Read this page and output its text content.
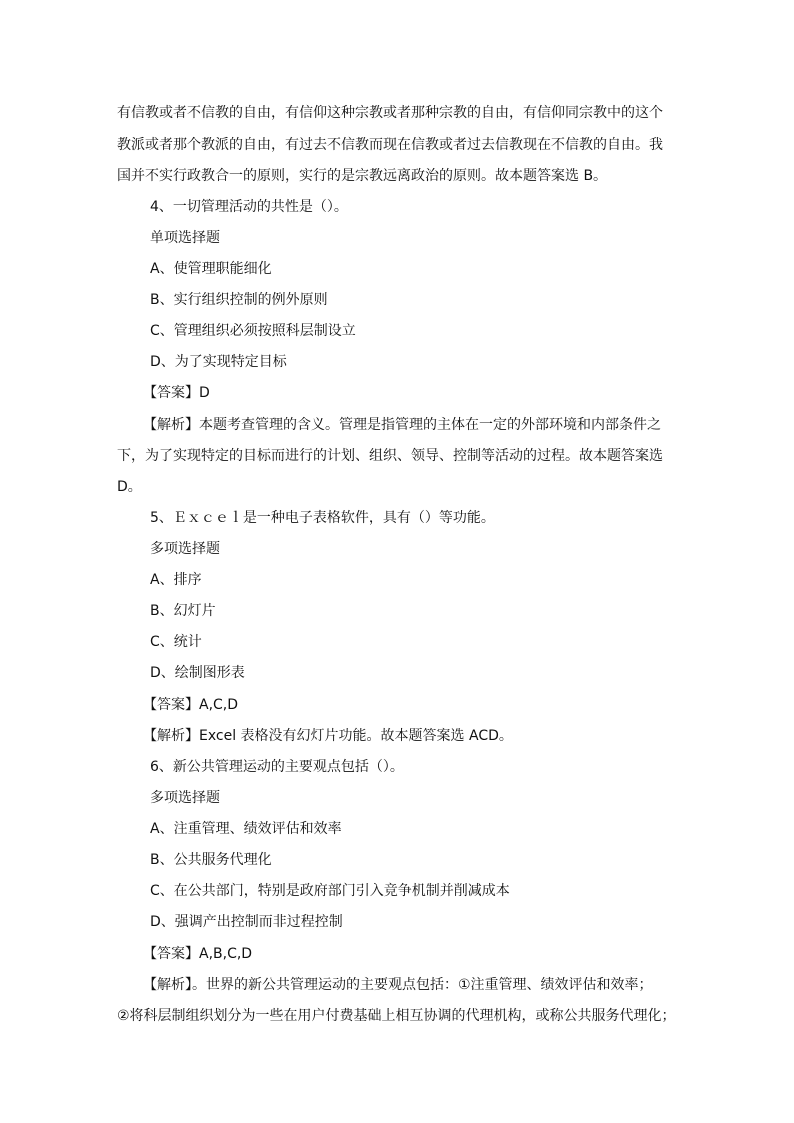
有信教或者不信教的自由，有信仰这种宗教或者那种宗教的自由，有信仰同宗教中的这个
教派或者那个教派的自由，有过去不信教而现在信教或者过去信教现在不信教的自由。我
国并不实行政教合一的原则，实行的是宗教远离政治的原则。故本题答案选 B。
4、一切管理活动的共性是（）。
单项选择题
A、使管理职能细化
B、实行组织控制的例外原则
C、管理组织必须按照科层制设立
D、为了实现特定目标
【答案】D
【解析】本题考查管理的含义。管理是指管理的主体在一定的外部环境和内部条件之
下，为了实现特定的目标而进行的计划、组织、领导、控制等活动的过程。故本题答案选
D。
5、Ｅｘｃｅｌ是一种电子表格软件，具有（）等功能。
多项选择题
A、排序
B、幻灯片
C、统计
D、绘制图形表
【答案】A,C,D
【解析】Excel 表格没有幻灯片功能。故本题答案选 ACD。
6、新公共管理运动的主要观点包括（）。
多项选择题
A、注重管理、绩效评估和效率
B、公共服务代理化
C、在公共部门，特别是政府部门引入竞争机制并削减成本
D、强调产出控制而非过程控制
【答案】A,B,C,D
【解析】。世界的新公共管理运动的主要观点包括：①注重管理、绩效评估和效率；
②将科层制组织划分为一些在用户付费基础上相互协调的代理机构，或称公共服务代理化；
